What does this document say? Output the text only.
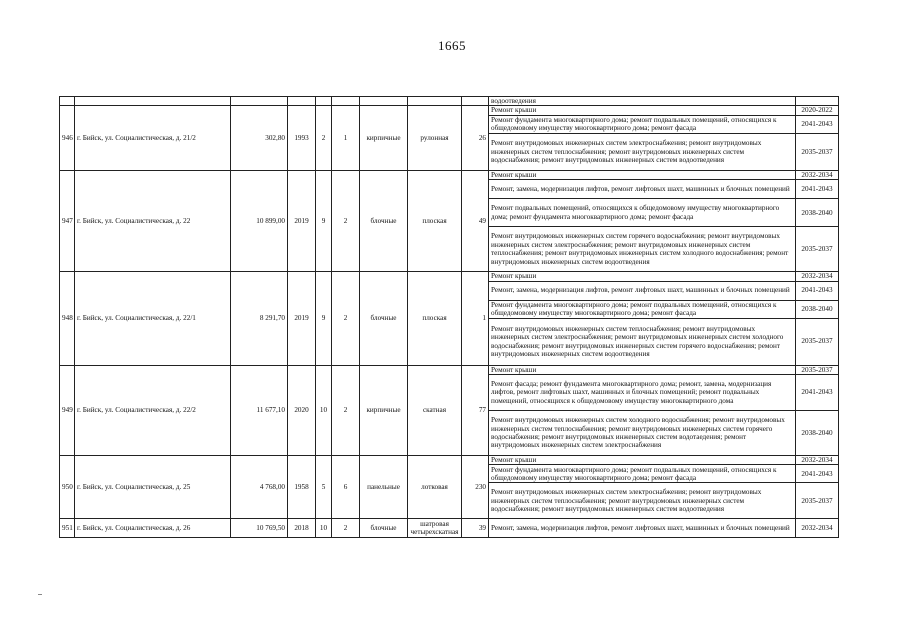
1665
									водоотведения	
946	г. Бийск, ул. Социалистическая, д. 21/2	302,80	1993	2	1	кирпичные	рулонная	26	Ремонт крыши	2020-2022
									Ремонт фундамента многоквартирного дома; ремонт подвальных помещений, относящихся к общедомовому имуществу многоквартирного дома; ремонт фасада	2041-2043
									Ремонт внутридомовых инженерных систем электроснабжения; ремонт внутридомовых инженерных систем теплоснабжения; ремонт внутридомовых инженерных систем водоснабжения; ремонт внутридомовых инженерных систем водоотведения	2035-2037
947	г. Бийск, ул. Социалистическая, д. 22	10 899,00	2019	9	2	блочные	плоская	49	Ремонт крыши	2032-2034
									Ремонт, замена, модернизация лифтов, ремонт лифтовых шахт, машинных и блочных помещений	2041-2043
									Ремонт подвальных помещений, относящихся к общедомовому имуществу многоквартирного дома; ремонт фундамента многоквартирного дома; ремонт фасада	2038-2040
									Ремонт внутридомовых инженерных систем горячего водоснабжения; ремонт внутридомовых инженерных систем электроснабжения; ремонт внутридомовых инженерных систем теплоснабжения; ремонт внутридомовых инженерных систем холодного водоснабжения; ремонт внутридомовых инженерных систем водоотведения	2035-2037
948	г. Бийск, ул. Социалистическая, д. 22/1	8 291,70	2019	9	2	блочные	плоская	1	Ремонт крыши	2032-2034
									Ремонт, замена, модернизация лифтов, ремонт лифтовых шахт, машинных и блочных помещений	2041-2043
									Ремонт фундамента многоквартирного дома; ремонт подвальных помещений, относящихся к общедомовому имуществу многоквартирного дома; ремонт фасада	2038-2040
									Ремонт внутридомовых инженерных систем теплоснабжения; ремонт внутридомовых инженерных систем электроснабжения; ремонт внутридомовых инженерных систем холодного водоснабжения; ремонт внутридомовых инженерных систем горячего водоснабжения; ремонт внутридомовых инженерных систем водоотведения	2035-2037
949	г. Бийск, ул. Социалистическая, д. 22/2	11 677,10	2020	10	2	кирпичные	скатная	77	Ремонт крыши	2035-2037
									Ремонт фасада; ремонт фундамента многоквартирного дома; ремонт, замена, модернизация лифтов, ремонт лифтовых шахт, машинных и блочных помещений; ремонт подвальных помещений, относящихся к общедомовому имуществу многоквартирного дома	2041-2043
									Ремонт внутридомовых инженерных систем холодного водоснабжения; ремонт внутридомовых инженерных систем теплоснабжения; ремонт внутридомовых инженерных систем горячего водоснабжения; ремонт внутридомовых инженерных систем водотаедения; ремонт внутридомовых инженерных систем электроснабжения	2038-2040
950	г. Бийск, ул. Социалистическая, д. 25	4 768,00	1958	5	6	панельные	лотковая	230	Ремонт крыши	2032-2034
									Ремонт фундамента многоквартирного дома; ремонт подвальных помещений, относящихся к общедомовому имуществу многоквартирного дома; ремонт фасада	2041-2043
									Ремонт внутридомовых инженерных систем электроснабжения; ремонт внутридомовых инженерных систем теплоснабжения; ремонт внутридомовых инженерных систем водоснабжения; ремонт внутридомовых инженерных систем водоотведения	2035-2037
951	г. Бийск, ул. Социалистическая, д. 26	10 769,50	2018	10	2	блочные	шатровая четырехскатная	39	Ремонт, замена, модернизация лифтов, ремонт лифтовых шахт, машинных и блочных помещений	2032-2034
